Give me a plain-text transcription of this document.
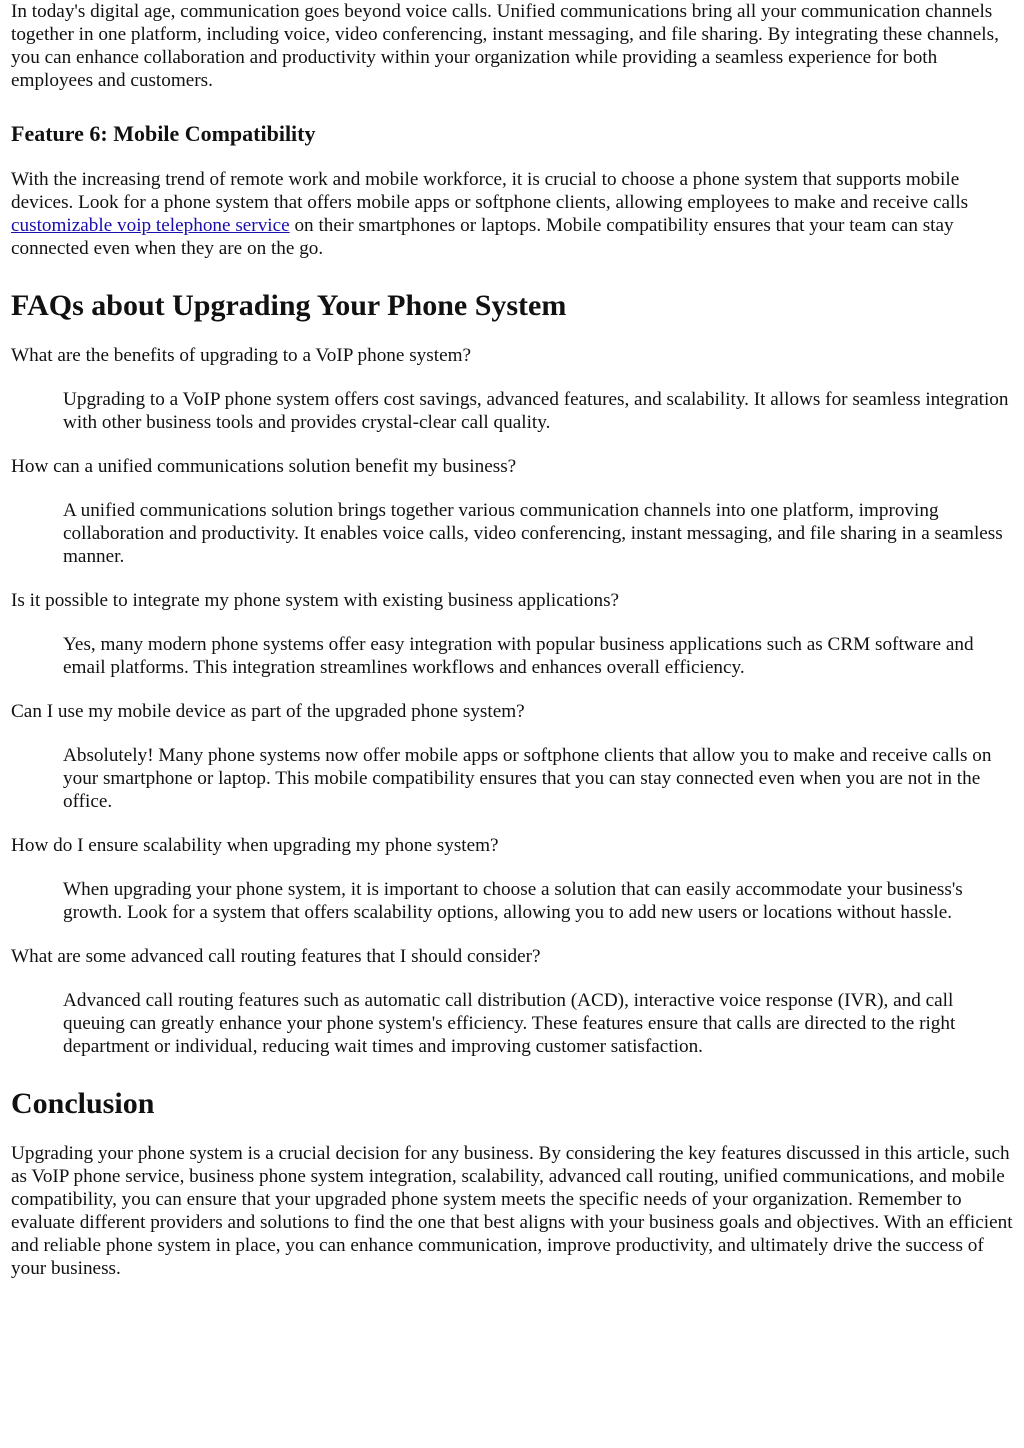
In today's digital age, communication goes beyond voice calls. Unified communications bring all your communication channels together in one platform, including voice, video conferencing, instant messaging, and file sharing. By integrating these channels, you can enhance collaboration and productivity within your organization while providing a seamless experience for both employees and customers.

Feature 6: Mobile Compatibility

With the increasing trend of remote work and mobile workforce, it is crucial to choose a phone system that supports mobile devices. Look for a phone system that offers mobile apps or softphone clients, allowing employees to make and receive calls customizable voip telephone service on their smartphones or laptops. Mobile compatibility ensures that your team can stay connected even when they are on the go.

FAQs about Upgrading Your Phone System

What are the benefits of upgrading to a VoIP phone system?

Upgrading to a VoIP phone system offers cost savings, advanced features, and scalability. It allows for seamless integration with other business tools and provides crystal-clear call quality.

How can a unified communications solution benefit my business?

A unified communications solution brings together various communication channels into one platform, improving collaboration and productivity. It enables voice calls, video conferencing, instant messaging, and file sharing in a seamless manner.

Is it possible to integrate my phone system with existing business applications?

Yes, many modern phone systems offer easy integration with popular business applications such as CRM software and email platforms. This integration streamlines workflows and enhances overall efficiency.

Can I use my mobile device as part of the upgraded phone system?

Absolutely! Many phone systems now offer mobile apps or softphone clients that allow you to make and receive calls on your smartphone or laptop. This mobile compatibility ensures that you can stay connected even when you are not in the office.

How do I ensure scalability when upgrading my phone system?

When upgrading your phone system, it is important to choose a solution that can easily accommodate your business's growth. Look for a system that offers scalability options, allowing you to add new users or locations without hassle.

What are some advanced call routing features that I should consider?

Advanced call routing features such as automatic call distribution (ACD), interactive voice response (IVR), and call queuing can greatly enhance your phone system's efficiency. These features ensure that calls are directed to the right department or individual, reducing wait times and improving customer satisfaction.

Conclusion

Upgrading your phone system is a crucial decision for any business. By considering the key features discussed in this article, such as VoIP phone service, business phone system integration, scalability, advanced call routing, unified communications, and mobile compatibility, you can ensure that your upgraded phone system meets the specific needs of your organization. Remember to evaluate different providers and solutions to find the one that best aligns with your business goals and objectives. With an efficient and reliable phone system in place, you can enhance communication, improve productivity, and ultimately drive the success of your business.
